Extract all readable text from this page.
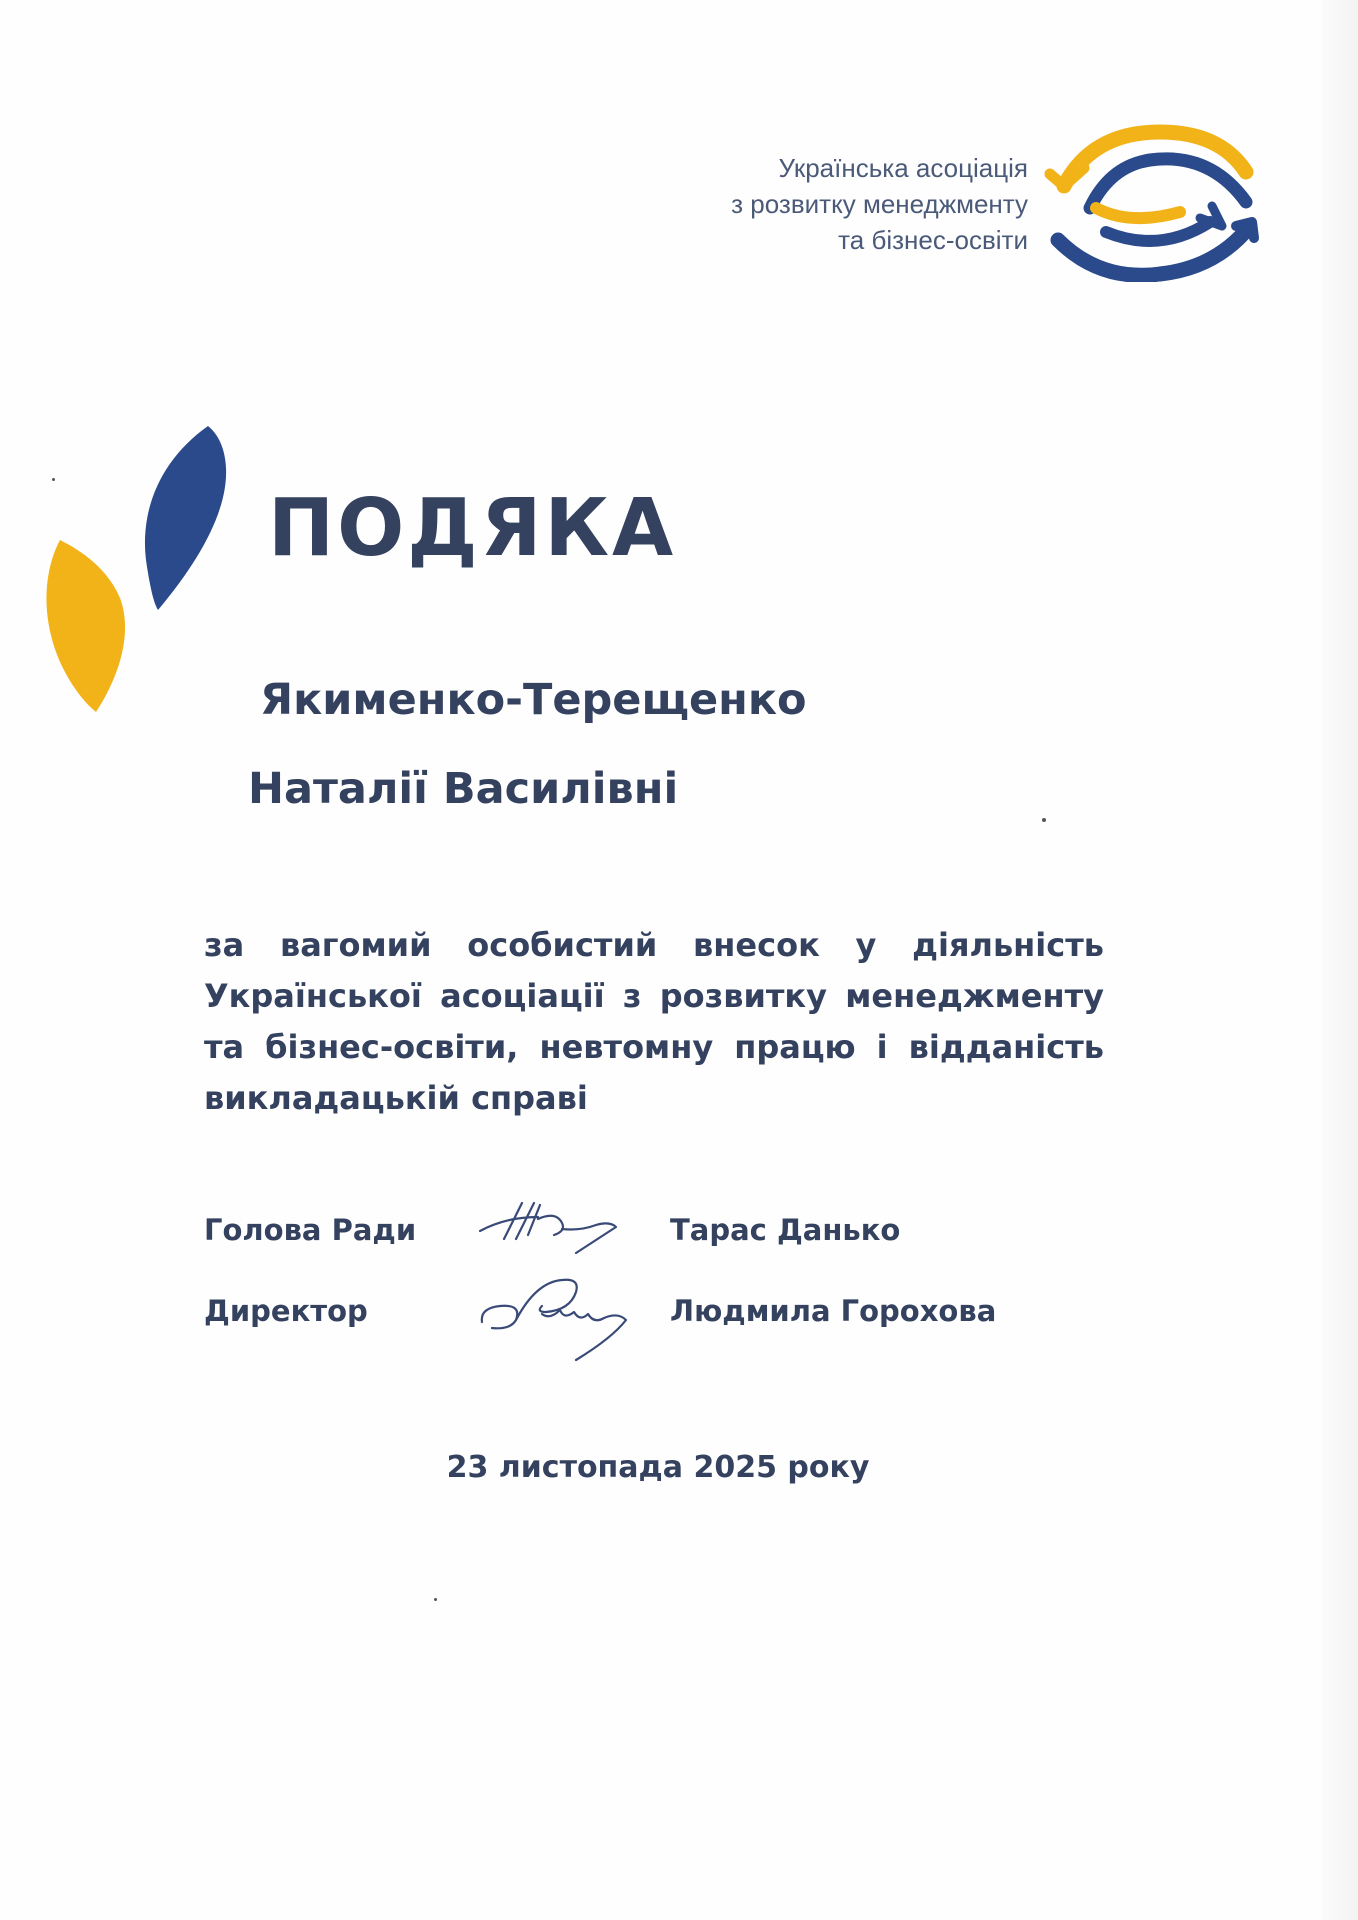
Українська асоціація
з розвитку менеджменту
та бізнес-освіти
ПОДЯКА

Якименко-Терещенко

Наталії Василівні

за вагомий особистий внесок у діяльність Української асоціації з розвитку менеджменту та бізнес-освіти, невтомну працю і відданість викладацькій справі

Голова Ради	Тарас Данько
Директор	Людмила Горохова
23 листопада 2025 року
